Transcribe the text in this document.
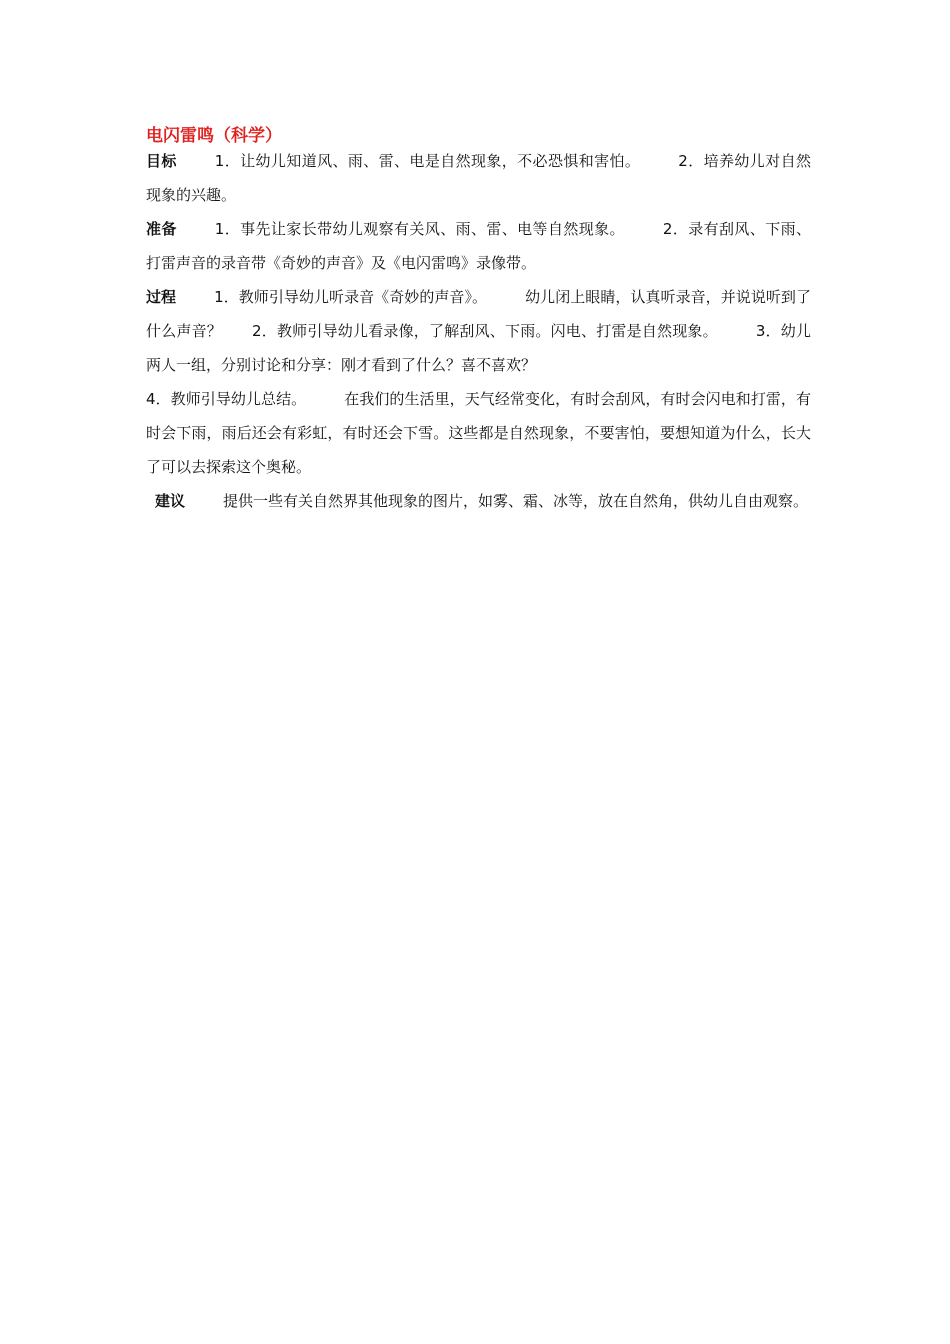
电闪雷鸣（科学）

目标	1．让幼儿知道风、雨、雷、电是自然现象，不必恐惧和害怕。	2．培养幼儿对自然现象的兴趣。

准备	1．事先让家长带幼儿观察有关风、雨、雷、电等自然现象。	2．录有刮风、下雨、打雷声音的录音带《奇妙的声音》及《电闪雷鸣》录像带。

过程	1．教师引导幼儿听录音《奇妙的声音》。	幼儿闭上眼睛，认真听录音，并说说听到了什么声音？ 2．教师引导幼儿看录像，了解刮风、下雨。闪电、打雷是自然现象。	3．幼儿两人一组，分别讨论和分享：刚才看到了什么？喜不喜欢？

4．教师引导幼儿总结。	在我们的生活里，天气经常变化，有时会刮风，有时会闪电和打雷，有时会下雨，雨后还会有彩虹，有时还会下雪。这些都是自然现象，不要害怕，要想知道为什么，长大了可以去探索这个奥秘。

建议	提供一些有关自然界其他现象的图片，如雾、霜、冰等，放在自然角，供幼儿自由观察。
